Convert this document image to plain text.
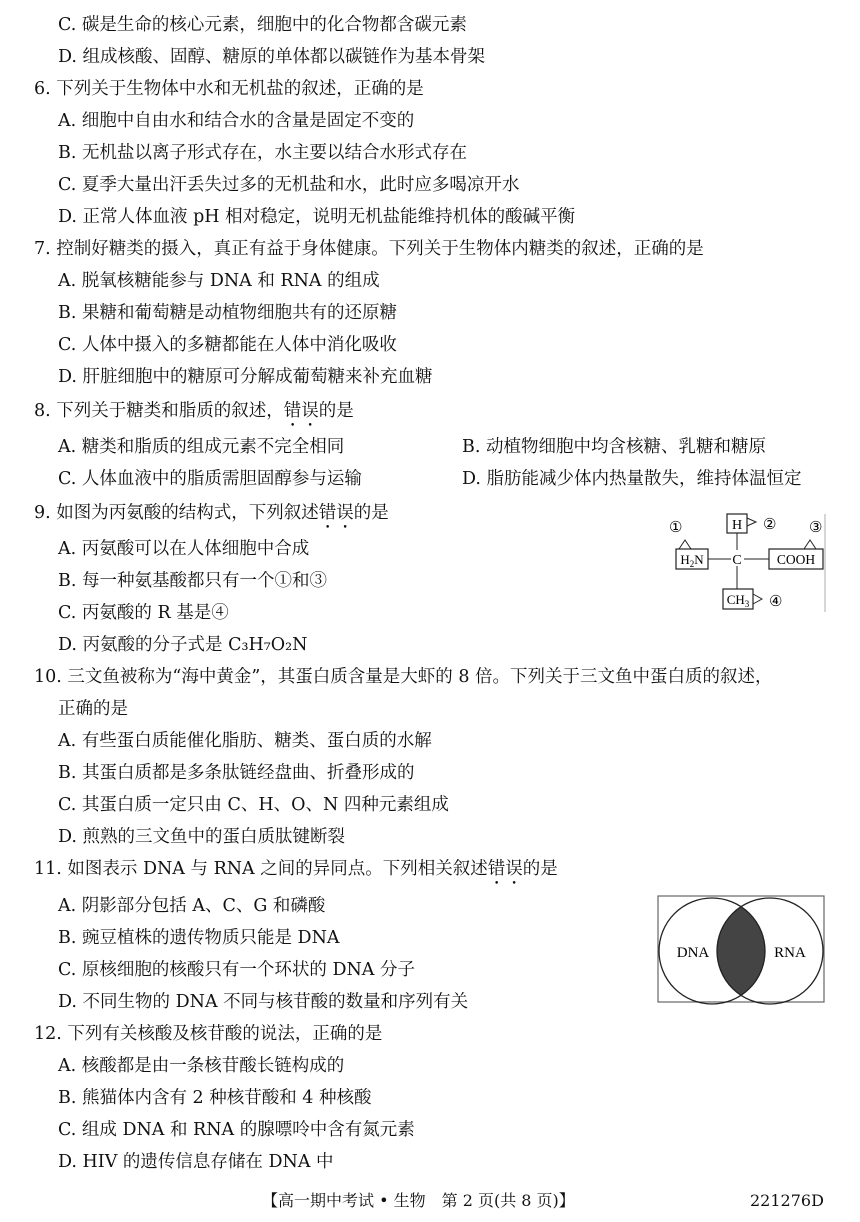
C. 碳是生命的核心元素，细胞中的化合物都含碳元素
D. 组成核酸、固醇、糖原的单体都以碳链作为基本骨架
6. 下列关于生物体中水和无机盐的叙述，正确的是
A. 细胞中自由水和结合水的含量是固定不变的
B. 无机盐以离子形式存在，水主要以结合水形式存在
C. 夏季大量出汗丢失过多的无机盐和水，此时应多喝凉开水
D. 正常人体血液 pH 相对稳定，说明无机盐能维持机体的酸碱平衡
7. 控制好糖类的摄入，真正有益于身体健康。下列关于生物体内糖类的叙述，正确的是
A. 脱氧核糖能参与 DNA 和 RNA 的组成
B. 果糖和葡萄糖是动植物细胞共有的还原糖
C. 人体中摄入的多糖都能在人体中消化吸收
D. 肝脏细胞中的糖原可分解成葡萄糖来补充血糖
8. 下列关于糖类和脂质的叙述，错误的是
A. 糖类和脂质的组成元素不完全相同	B. 动植物细胞中均含核糖、乳糖和糖原
C. 人体血液中的脂质需胆固醇参与运输	D. 脂肪能减少体内热量散失，维持体温恒定
9. 如图为丙氨酸的结构式，下列叙述错误的是
A. 丙氨酸可以在人体细胞中合成
B. 每一种氨基酸都只有一个①和③
C. 丙氨酸的 R 基是④
D. 丙氨酸的分子式是 C₃H₇O₂N
H ②
C
$H_2N$
①
COOH
③
$CH_3$ ④
10. 三文鱼被称为“海中黄金”，其蛋白质含量是大虾的 8 倍。下列关于三文鱼中蛋白质的叙述，
正确的是
A. 有些蛋白质能催化脂肪、糖类、蛋白质的水解
B. 其蛋白质都是多条肽链经盘曲、折叠形成的
C. 其蛋白质一定只由 C、H、O、N 四种元素组成
D. 煎熟的三文鱼中的蛋白质肽键断裂
11. 如图表示 DNA 与 RNA 之间的异同点。下列相关叙述错误的是
A. 阴影部分包括 A、C、G 和磷酸
B. 豌豆植株的遗传物质只能是 DNA
C. 原核细胞的核酸只有一个环状的 DNA 分子
D. 不同生物的 DNA 不同与核苷酸的数量和序列有关
DNA	RNA
12. 下列有关核酸及核苷酸的说法，正确的是
A. 核酸都是由一条核苷酸长链构成的
B. 熊猫体内含有 2 种核苷酸和 4 种核酸
C. 组成 DNA 和 RNA 的腺嘌呤中含有氮元素
D. HIV 的遗传信息存储在 DNA 中
【高一期中考试 • 生物　第 2 页(共 8 页)】	221276D
